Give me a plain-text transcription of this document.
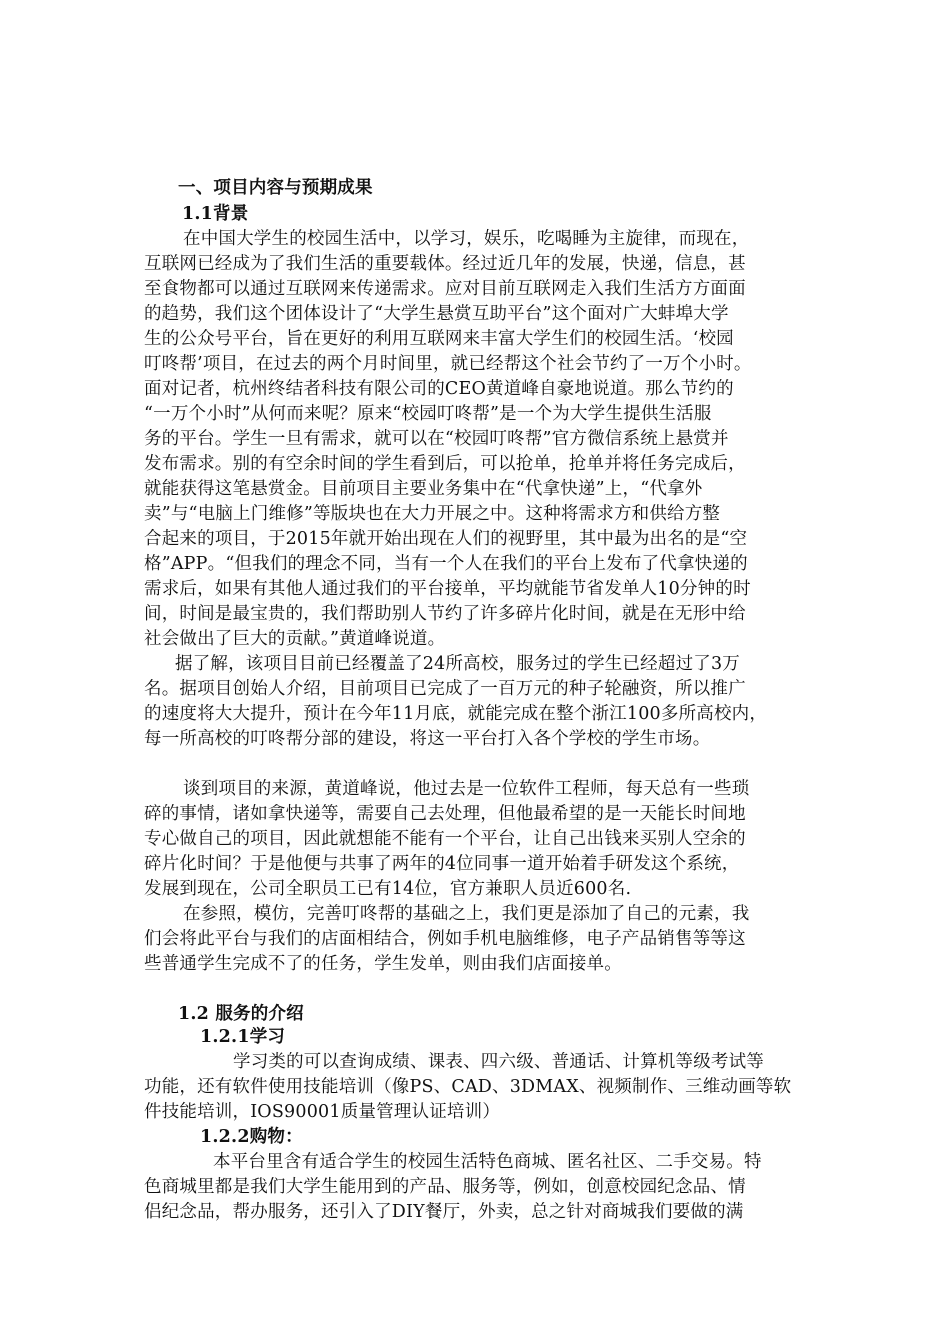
一、项目内容与预期成果
1.1背景
在中国大学生的校园生活中，以学习，娱乐，吃喝睡为主旋律，而现在，
互联网已经成为了我们生活的重要载体。经过近几年的发展，快递，信息，甚
至食物都可以通过互联网来传递需求。应对目前互联网走入我们生活方方面面
的趋势，我们这个团体设计了“大学生悬赏互助平台”这个面对广大蚌埠大学
生的公众号平台，旨在更好的利用互联网来丰富大学生们的校园生活。‘校园
叮咚帮’项目，在过去的两个月时间里，就已经帮这个社会节约了一万个小时。
面对记者，杭州终结者科技有限公司的CEO黄道峰自豪地说道。那么节约的
“一万个小时”从何而来呢？原来“校园叮咚帮”是一个为大学生提供生活服
务的平台。学生一旦有需求，就可以在“校园叮咚帮”官方微信系统上悬赏并
发布需求。别的有空余时间的学生看到后，可以抢单，抢单并将任务完成后，
就能获得这笔悬赏金。目前项目主要业务集中在“代拿快递”上，“代拿外
卖”与“电脑上门维修”等版块也在大力开展之中。这种将需求方和供给方整
合起来的项目，于2015年就开始出现在人们的视野里，其中最为出名的是“空
格”APP。“但我们的理念不同，当有一个人在我们的平台上发布了代拿快递的
需求后，如果有其他人通过我们的平台接单，平均就能节省发单人10分钟的时
间，时间是最宝贵的，我们帮助别人节约了许多碎片化时间，就是在无形中给
社会做出了巨大的贡献。”黄道峰说道。
据了解，该项目目前已经覆盖了24所高校，服务过的学生已经超过了3万
名。据项目创始人介绍，目前项目已完成了一百万元的种子轮融资，所以推广
的速度将大大提升，预计在今年11月底，就能完成在整个浙江100多所高校内，
每一所高校的叮咚帮分部的建设，将这一平台打入各个学校的学生市场。
谈到项目的来源，黄道峰说，他过去是一位软件工程师，每天总有一些琐
碎的事情，诸如拿快递等，需要自己去处理，但他最希望的是一天能长时间地
专心做自己的项目，因此就想能不能有一个平台，让自己出钱来买别人空余的
碎片化时间？于是他便与共事了两年的4位同事一道开始着手研发这个系统，
发展到现在，公司全职员工已有14位，官方兼职人员近600名.
在参照，模仿，完善叮咚帮的基础之上，我们更是添加了自己的元素，我
们会将此平台与我们的店面相结合，例如手机电脑维修，电子产品销售等等这
些普通学生完成不了的任务，学生发单，则由我们店面接单。
1.2 服务的介绍
1.2.1学习
学习类的可以查询成绩、课表、四六级、普通话、计算机等级考试等
功能，还有软件使用技能培训（像PS、CAD、3DMAX、视频制作、三维动画等软
件技能培训，IOS90001质量管理认证培训）
1.2.2购物：
本平台里含有适合学生的校园生活特色商城、匿名社区、二手交易。特
色商城里都是我们大学生能用到的产品、服务等，例如，创意校园纪念品、情
侣纪念品，帮办服务，还引入了DIY餐厅，外卖，总之针对商城我们要做的满
